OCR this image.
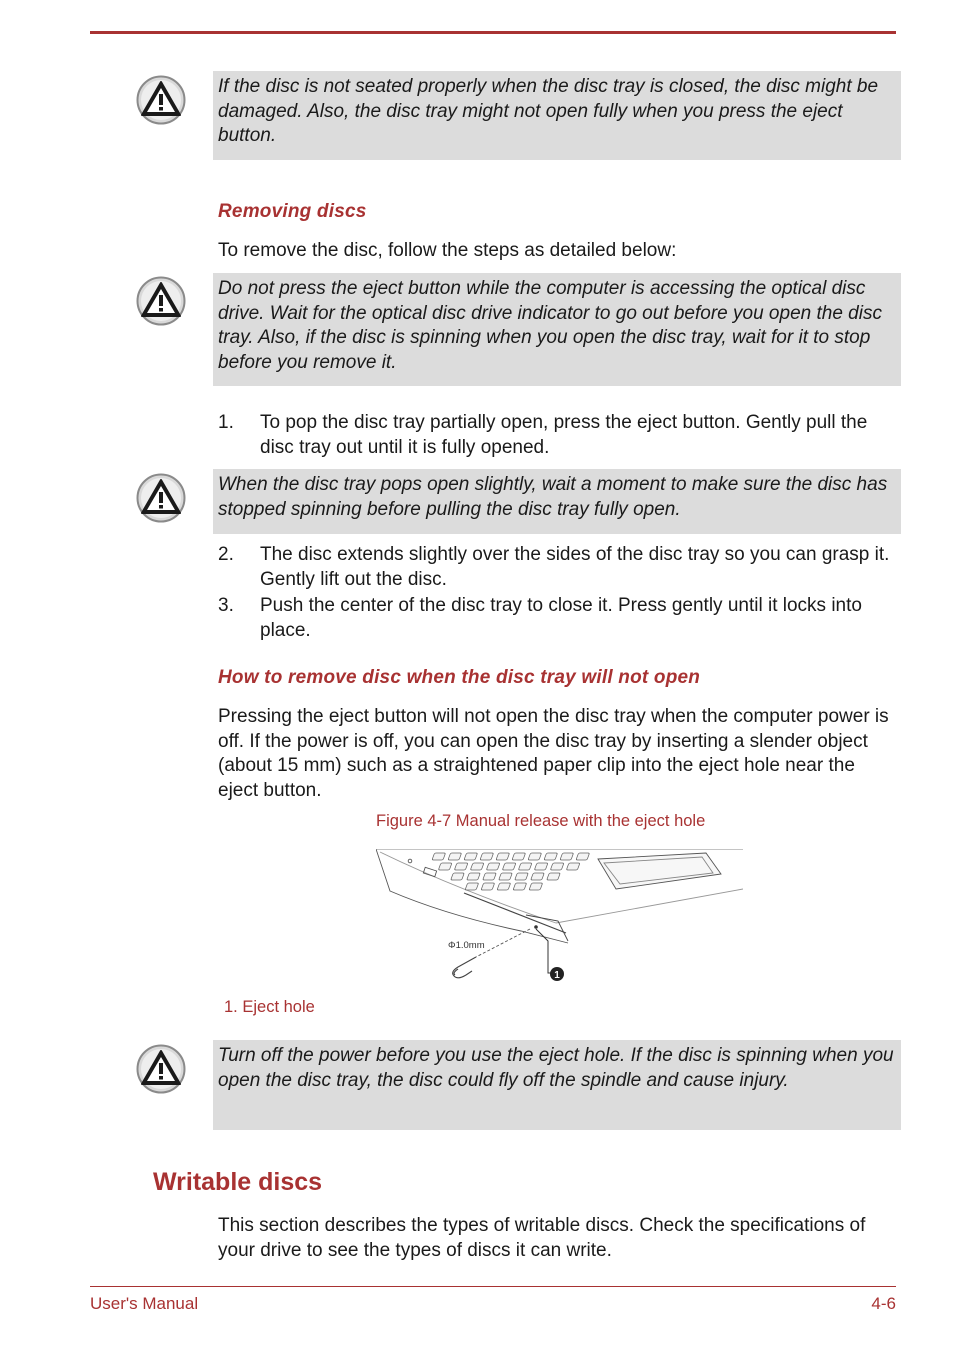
If the disc is not seated properly when the disc tray is closed, the disc might be damaged. Also, the disc tray might not open fully when you press the eject button.
Removing discs
To remove the disc, follow the steps as detailed below:
Do not press the eject button while the computer is accessing the optical disc drive. Wait for the optical disc drive indicator to go out before you open the disc tray. Also, if the disc is spinning when you open the disc tray, wait for it to stop before you remove it.
1. To pop the disc tray partially open, press the eject button. Gently pull the disc tray out until it is fully opened.
When the disc tray pops open slightly, wait a moment to make sure the disc has stopped spinning before pulling the disc tray fully open.
2. The disc extends slightly over the sides of the disc tray so you can grasp it. Gently lift out the disc.
3. Push the center of the disc tray to close it. Press gently until it locks into place.
How to remove disc when the disc tray will not open
Pressing the eject button will not open the disc tray when the computer power is off. If the power is off, you can open the disc tray by inserting a slender object (about 15 mm) such as a straightened paper clip into the eject hole near the eject button.
Figure 4-7 Manual release with the eject hole
Φ1.0mm
1
1. Eject hole
Turn off the power before you use the eject hole. If the disc is spinning when you open the disc tray, the disc could fly off the spindle and cause injury.
Writable discs
This section describes the types of writable discs. Check the specifications of your drive to see the types of discs it can write.
User's Manual	4-6
